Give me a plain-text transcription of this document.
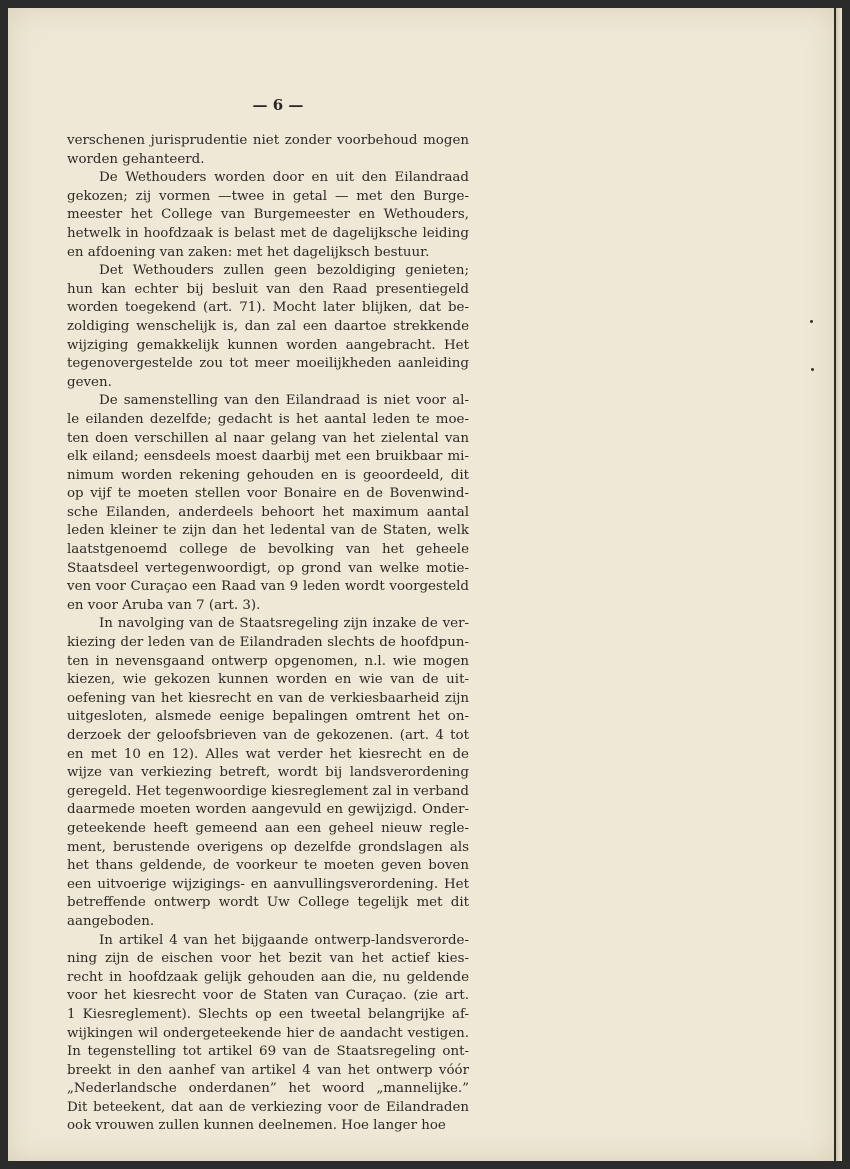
— 6 —
verschenen jurisprudentie niet zonder voorbehoud mogen
worden gehanteerd.
De Wethouders worden door en uit den Eilandraad
gekozen; zij vormen —twee in getal — met den Burge-
meester het College van Burgemeester en Wethouders,
hetwelk in hoofdzaak is belast met de dagelijksche leiding
en afdoening van zaken: met het dagelijksch bestuur.
Det Wethouders zullen geen bezoldiging genieten;
hun kan echter bij besluit van den Raad presentiegeld
worden toegekend (art. 71). Mocht later blijken, dat be-
zoldiging wenschelijk is, dan zal een daartoe strekkende
wijziging gemakkelijk kunnen worden aangebracht. Het
tegenovergestelde zou tot meer moeilijkheden aanleiding
geven.
De samenstelling van den Eilandraad is niet voor al-
le eilanden dezelfde; gedacht is het aantal leden te moe-
ten doen verschillen al naar gelang van het zielental van
elk eiland; eensdeels moest daarbij met een bruikbaar mi-
nimum worden rekening gehouden en is geoordeeld, dit
op vijf te moeten stellen voor Bonaire en de Bovenwind-
sche Eilanden, anderdeels behoort het maximum aantal
leden kleiner te zijn dan het ledental van de Staten, welk
laatstgenoemd college de bevolking van het geheele
Staatsdeel vertegenwoordigt, op grond van welke motie-
ven voor Curaçao een Raad van 9 leden wordt voorgesteld
en voor Aruba van 7 (art. 3).
In navolging van de Staatsregeling zijn inzake de ver-
kiezing der leden van de Eilandraden slechts de hoofdpun-
ten in nevensgaand ontwerp opgenomen, n.l. wie mogen
kiezen, wie gekozen kunnen worden en wie van de uit-
oefening van het kiesrecht en van de verkiesbaarheid zijn
uitgesloten, alsmede eenige bepalingen omtrent het on-
derzoek der geloofsbrieven van de gekozenen. (art. 4 tot
en met 10 en 12). Alles wat verder het kiesrecht en de
wijze van verkiezing betreft, wordt bij landsverordening
geregeld. Het tegenwoordige kiesreglement zal in verband
daarmede moeten worden aangevuld en gewijzigd. Onder-
geteekende heeft gemeend aan een geheel nieuw regle-
ment, berustende overigens op dezelfde grondslagen als
het thans geldende, de voorkeur te moeten geven boven
een uitvoerige wijzigings- en aanvullingsverordening. Het
betreffende ontwerp wordt Uw College tegelijk met dit
aangeboden.
In artikel 4 van het bijgaande ontwerp-landsverorde-
ning zijn de eischen voor het bezit van het actief kies-
recht in hoofdzaak gelijk gehouden aan die, nu geldende
voor het kiesrecht voor de Staten van Curaçao. (zie art.
1 Kiesreglement). Slechts op een tweetal belangrijke af-
wijkingen wil ondergeteekende hier de aandacht vestigen.
In tegenstelling tot artikel 69 van de Staatsregeling ont-
breekt in den aanhef van artikel 4 van het ontwerp vóór
„Nederlandsche onderdanen” het woord „mannelijke.”
Dit beteekent, dat aan de verkiezing voor de Eilandraden
ook vrouwen zullen kunnen deelnemen. Hoe langer hoe
